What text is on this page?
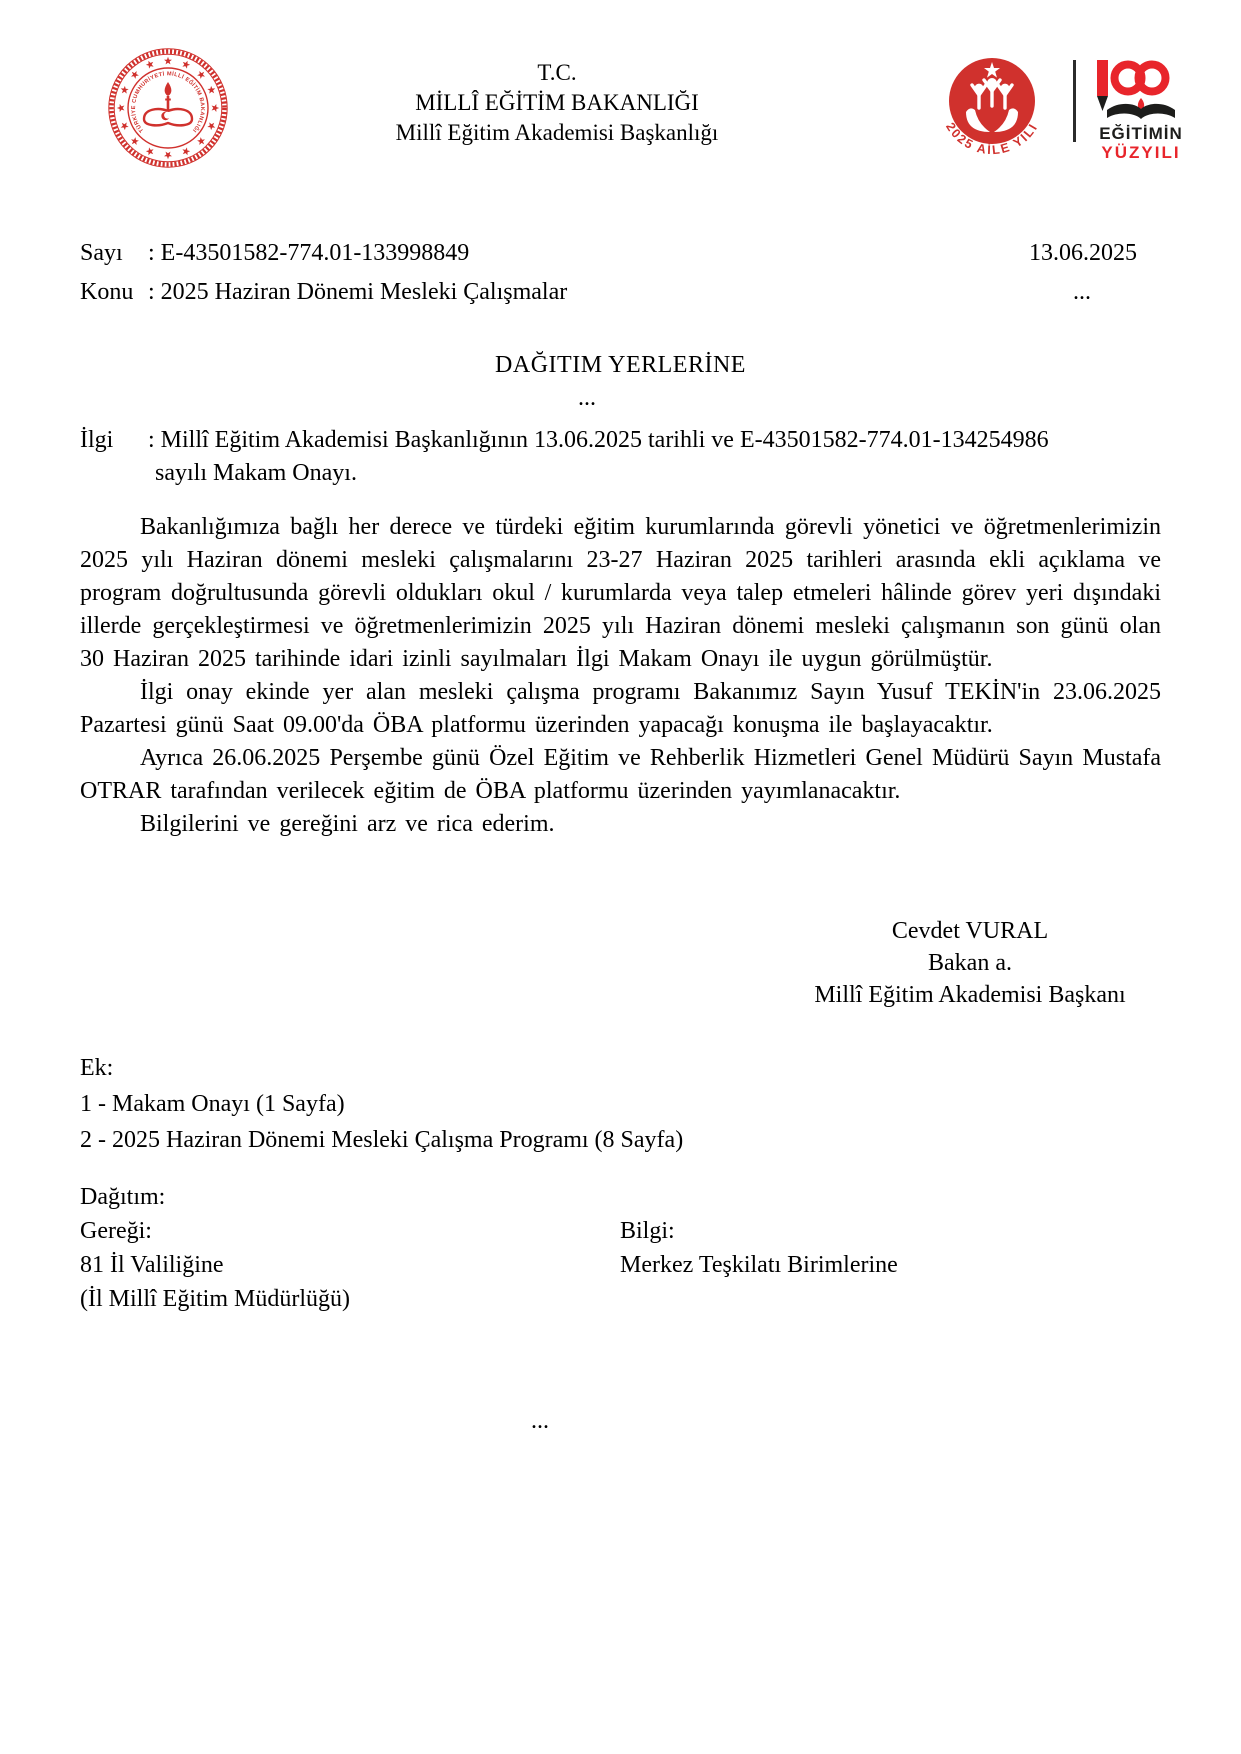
TÜRKİYE CUMHURİYETİ MİLLİ EĞİTİM BAKANLIĞI
T.C.
MİLLÎ EĞİTİM BAKANLIĞI
Millî Eğitim Akademisi Başkanlığı	2025 AİLE YILI	EĞİTİMİN
YÜZYILI
Sayı	: E-43501582-774.01-133998849	13.06.2025
Konu : 2025 Haziran Dönemi Mesleki Çalışmalar	...
DAĞITIM YERLERİNE
...
İlgi	: Millî Eğitim Akademisi Başkanlığının 13.06.2025 tarihli ve E-43501582-774.01-134254986
sayılı Makam Onayı.

Bakanlığımıza bağlı her derece ve türdeki eğitim kurumlarında görevli yönetici ve öğretmenlerimizin 2025 yılı Haziran dönemi mesleki çalışmalarını 23-27 Haziran 2025 tarihleri arasında ekli açıklama ve program doğrultusunda görevli oldukları okul / kurumlarda veya talep etmeleri hâlinde görev yeri dışındaki illerde gerçekleştirmesi ve öğretmenlerimizin 2025 yılı Haziran dönemi mesleki çalışmanın son günü olan 30 Haziran 2025 tarihinde idari izinli sayılmaları İlgi Makam Onayı ile uygun görülmüştür.

İlgi onay ekinde yer alan mesleki çalışma programı Bakanımız Sayın Yusuf TEKİN'in 23.06.2025 Pazartesi günü Saat 09.00'da ÖBA platformu üzerinden yapacağı konuşma ile başlayacaktır.

Ayrıca 26.06.2025 Perşembe günü Özel Eğitim ve Rehberlik Hizmetleri Genel Müdürü Sayın Mustafa OTRAR tarafından verilecek eğitim de ÖBA platformu üzerinden yayımlanacaktır.

Bilgilerini ve gereğini arz ve rica ederim.

Cevdet VURAL
Bakan a.
Millî Eğitim Akademisi Başkanı
Ek:
1 - Makam Onayı (1 Sayfa)
2 - 2025 Haziran Dönemi Mesleki Çalışma Programı (8 Sayfa)
Dağıtım:
Gereği:
81 İl Valiliğine
(İl Millî Eğitim Müdürlüğü)
Bilgi:
Merkez Teşkilatı Birimlerine
...
